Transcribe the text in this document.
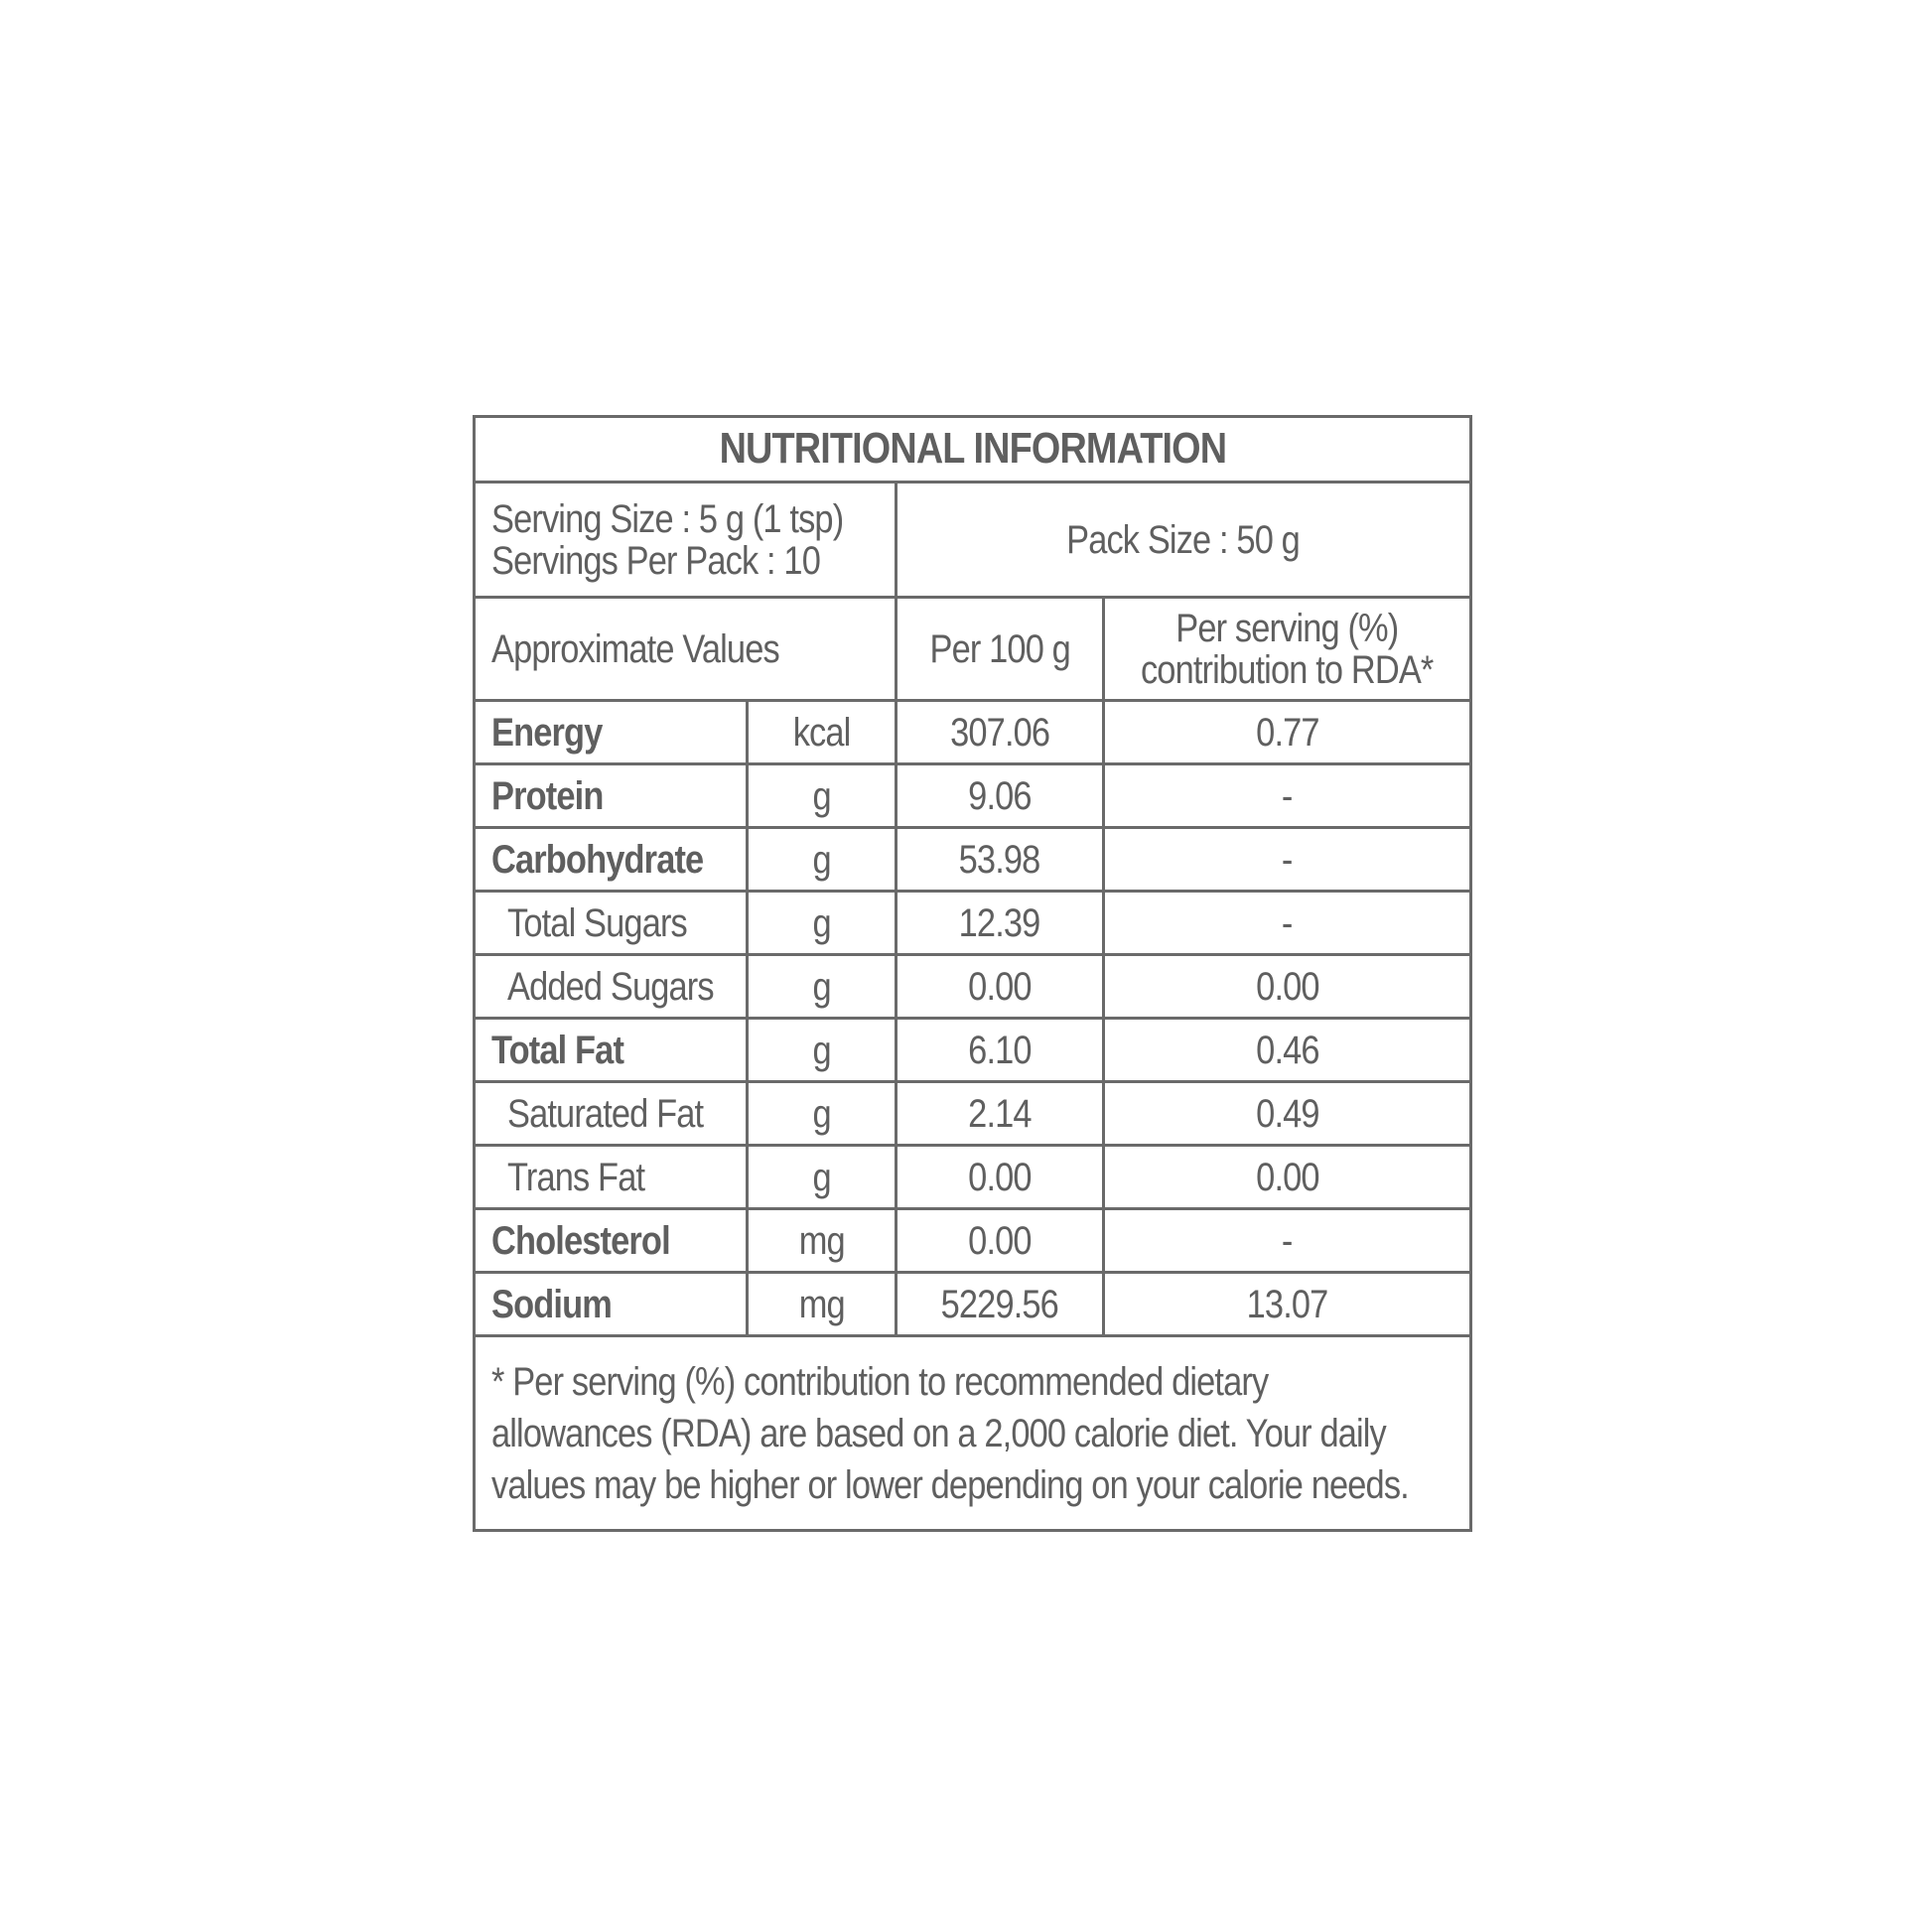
NUTRITIONAL INFORMATION			

Serving Size : 5 g (1 tsp)
Servings Per Pack : 10		Pack Size : 50 g	
Approximate Values		Per 100 g	Per serving (%)
contribution to RDA*
Energy	kcal	307.06	0.77
Protein	g	9.06	-
Carbohydrate	g	53.98	-
Total Sugars	g	12.39	-
Added Sugars	g	0.00	0.00
Total Fat	g	6.10	0.46
Saturated Fat	g	2.14	0.49
Trans Fat	g	0.00	0.00
Cholesterol	mg	0.00	-
Sodium	mg	5229.56	13.07

* Per serving (%) contribution to recommended dietary
allowances (RDA) are based on a 2,000 calorie diet. Your daily
values may be higher or lower depending on your calorie needs.			
